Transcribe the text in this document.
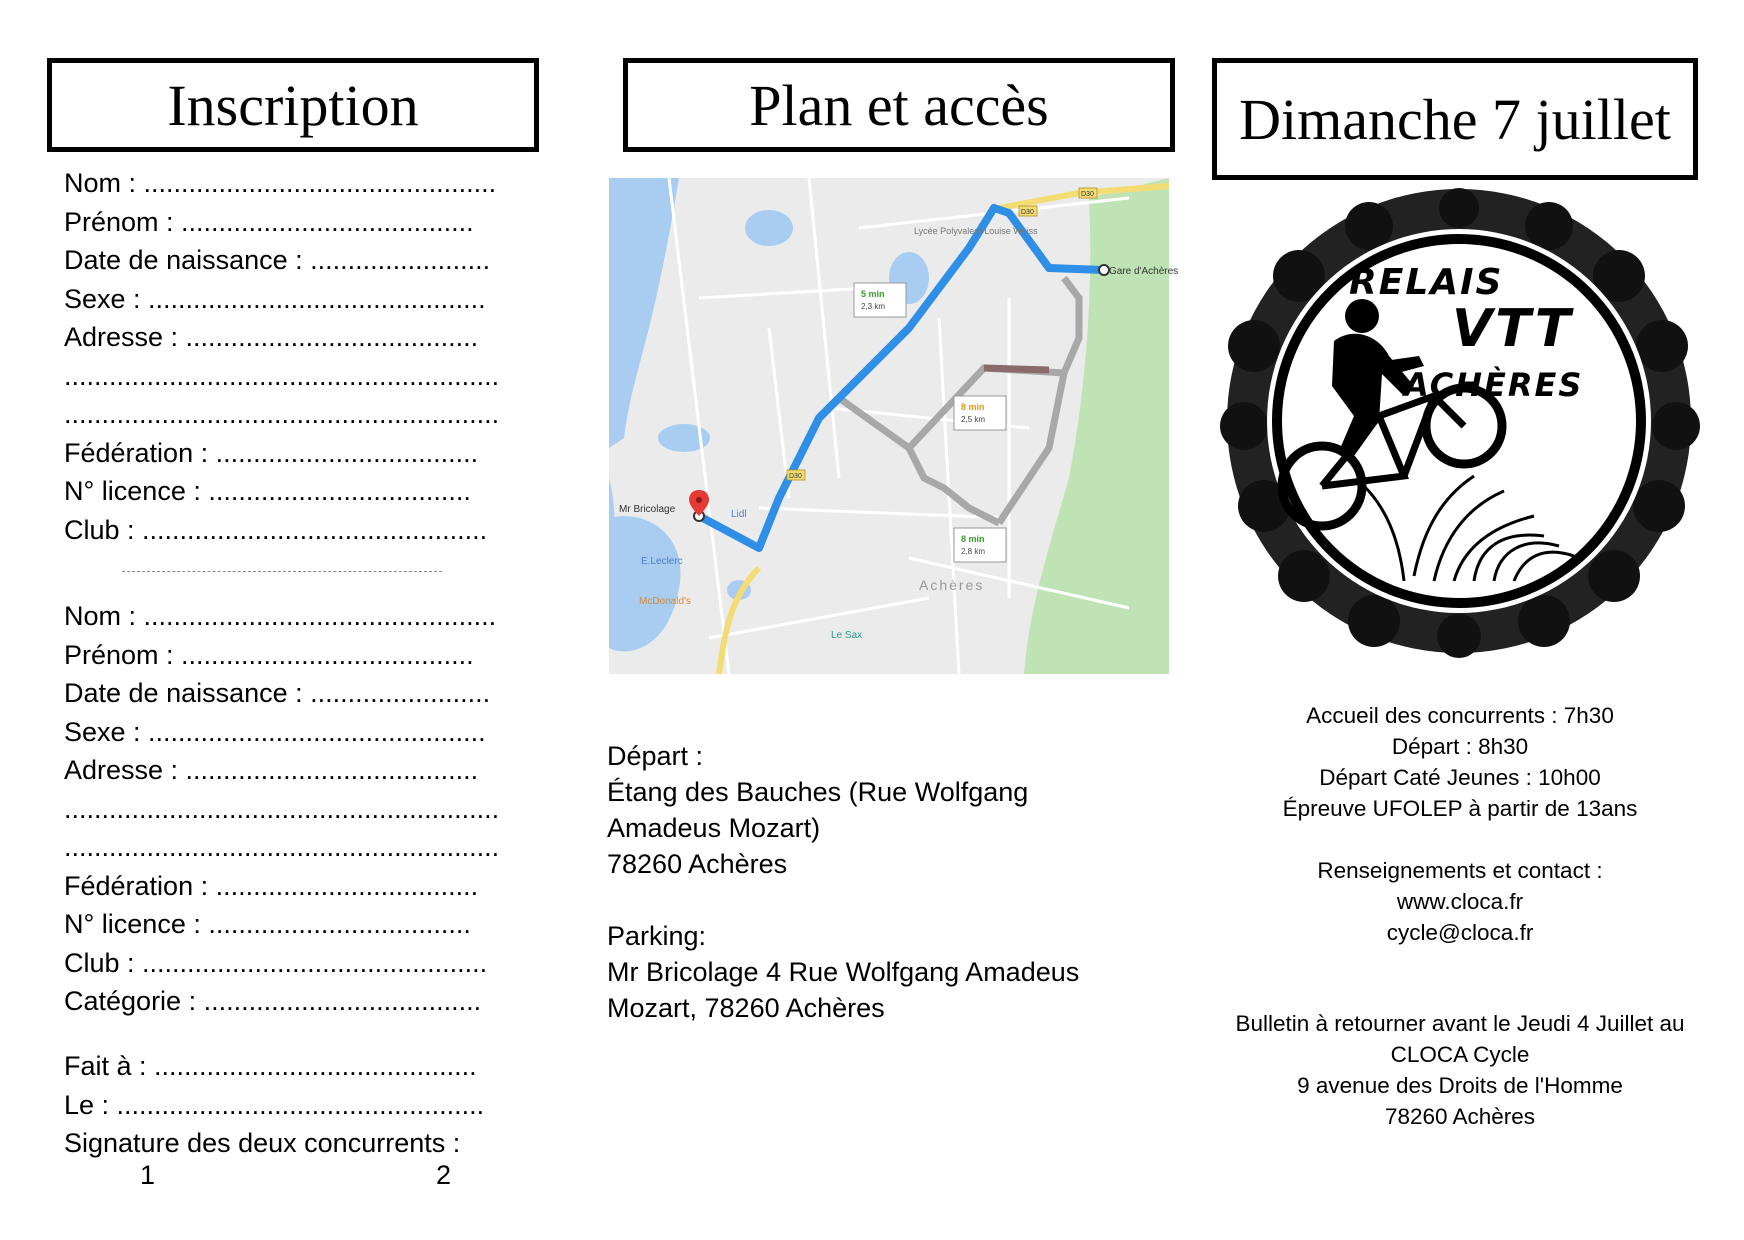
Inscription	Plan et accès	Dimanche 7 juillet
Nom : ...............................................
Prénom : .......................................
Date de naissance : ........................
Sexe : .............................................
Adresse : .......................................
..........................................................
..........................................................
Fédération : ...................................
N° licence : ...................................
Club : ..............................................
Nom : ...............................................
Prénom : .......................................
Date de naissance : ........................
Sexe : .............................................
Adresse : .......................................
..........................................................
..........................................................
Fédération : ...................................
N° licence : ...................................
Club : ..............................................
Catégorie : .....................................
Fait à : ...........................................
Le : .................................................
Signature des deux concurrents :
1	2
D30
D30
D30
5 min
2,3 km
8 min
2,5 km
8 min
2,8 km
Mr Bricolage
Gare d'Achères
Lidl
E.Leclerc
McDonald's
Le Sax
Achères
Lycée Polyvalent Louise Weiss
Départ :
Étang des Bauches (Rue Wolfgang
Amadeus Mozart)
78260 Achères
Parking:
Mr Bricolage 4 Rue Wolfgang Amadeus
Mozart, 78260 Achères
RELAIS
VTT
ACHÈRES
Accueil des concurrents : 7h30
Départ : 8h30
Départ Caté Jeunes : 10h00
Épreuve UFOLEP à partir de 13ans
Renseignements et contact :
www.cloca.fr
cycle@cloca.fr
Bulletin à retourner avant le Jeudi 4 Juillet au
CLOCA Cycle
9 avenue des Droits de l'Homme
78260 Achères
